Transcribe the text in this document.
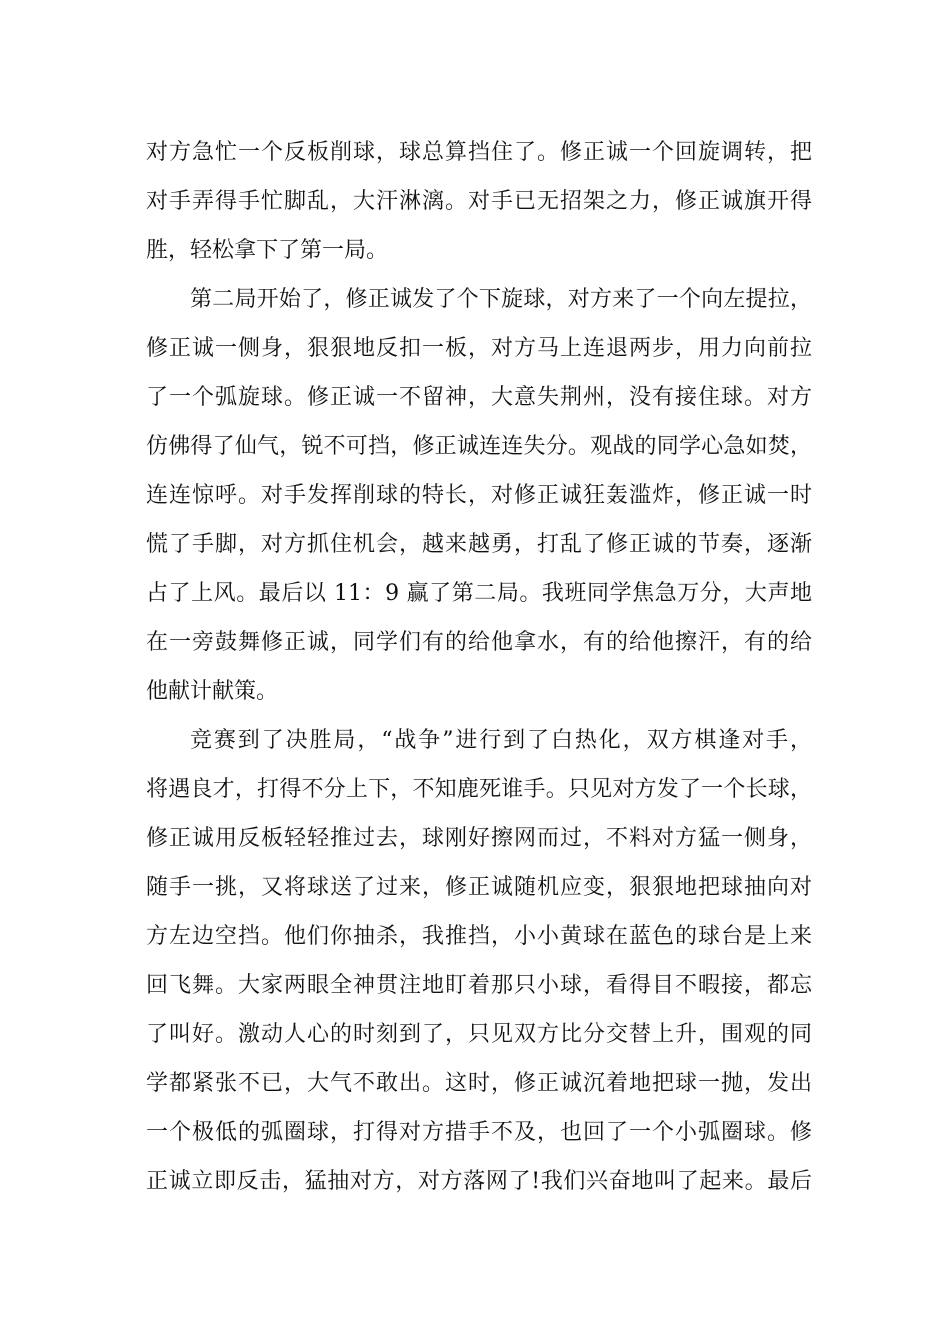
对方急忙一个反板削球，球总算挡住了。修正诚一个回旋调转，把
对手弄得手忙脚乱，大汗淋漓。对手已无招架之力，修正诚旗开得
胜，轻松拿下了第一局。
第二局开始了，修正诚发了个下旋球，对方来了一个向左提拉，
修正诚一侧身，狠狠地反扣一板，对方马上连退两步，用力向前拉
了一个弧旋球。修正诚一不留神，大意失荆州，没有接住球。对方
仿佛得了仙气，锐不可挡，修正诚连连失分。观战的同学心急如焚，
连连惊呼。对手发挥削球的特长，对修正诚狂轰滥炸，修正诚一时
慌了手脚，对方抓住机会，越来越勇，打乱了修正诚的节奏，逐渐
占了上风。最后以 11：9 赢了第二局。我班同学焦急万分，大声地
在一旁鼓舞修正诚，同学们有的给他拿水，有的给他擦汗，有的给
他献计献策。
竞赛到了决胜局，“战争”进行到了白热化，双方棋逢对手，
将遇良才，打得不分上下，不知鹿死谁手。只见对方发了一个长球，
修正诚用反板轻轻推过去，球刚好擦网而过，不料对方猛一侧身，
随手一挑，又将球送了过来，修正诚随机应变，狠狠地把球抽向对
方左边空挡。他们你抽杀，我推挡，小小黄球在蓝色的球台是上来
回飞舞。大家两眼全神贯注地盯着那只小球，看得目不暇接，都忘
了叫好。激动人心的时刻到了，只见双方比分交替上升，围观的同
学都紧张不已，大气不敢出。这时，修正诚沉着地把球一抛，发出
一个极低的弧圈球，打得对方措手不及，也回了一个小弧圈球。修
正诚立即反击，猛抽对方，对方落网了!我们兴奋地叫了起来。最后
